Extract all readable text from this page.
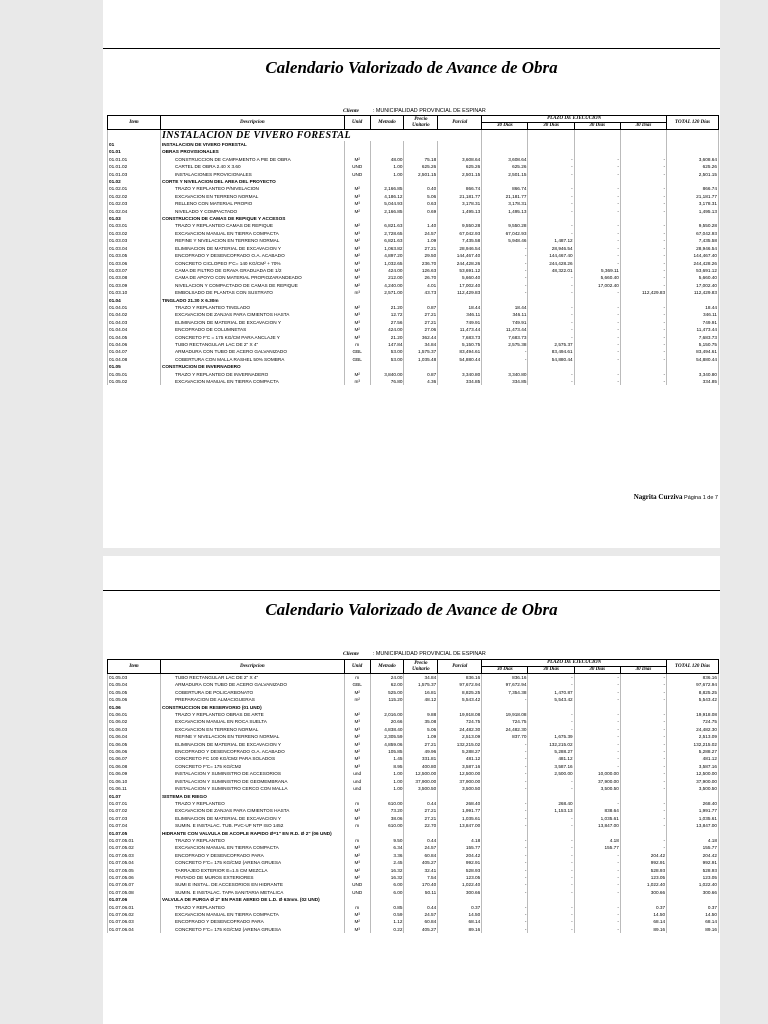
Calendario Valorizado de Avance de Obra
Cliente	: MUNICIPALIDAD PROVINCIAL DE ESPINAR
Item	Descripcion	Unid	Metrado	Precio Unitario	Parcial	PLAZO DE EJECUCION				TOTAL 120 Días
						30 Días	30 Días	30 Días	30 Días	
	INSTALACION DE VIVERO FORESTAL									
01	INSTALACION DE VIVERO FORESTAL									
01.01	OBRAS PROVISIONALES									
01.01.01	CONSTRUCCION DE CAMPAMENTO A PIE DE OBRA	M²	48.00	75.18	3,608.64	3,608.64	-	-	-	3,608.64
01.01.02	CARTEL DE OBRA 2.40 X 3.60	UND	1.00	625.26	625.26	625.26	-	-	-	625.26
01.01.03	INSTALACIONES PROVICIONALES	UND	1.00	2,501.15	2,501.15	2,501.15	-	-	-	2,501.15
01.02	CORTE Y NIVELACION DEL AREA DEL PROYECTO									
01.02.01	TRAZO Y REPLANTEO P/NIVELACION	M²	2,166.85	0.40	866.74	866.74	-	-	-	866.74
01.02.02	EXCAVACION EN TERRENO NORMAL	M³	4,186.12	5.06	21,181.77	21,181.77	-	-	-	21,181.77
01.02.03	RELLENO CON MATERIAL PROPIO	M³	5,044.93	0.63	3,178.31	3,178.31	-	-	-	3,178.31
01.02.04	NIVELADO Y COMPACTADO	M²	2,166.85	0.69	1,495.13	1,495.13	-	-	-	1,495.13
01.03	CONSTRUCCION DE CAMAS DE REPIQUE Y ACCESOS									
01.03.01	TRAZO Y REPLANTEO CAMAS DE REPIQUE	M²	6,821.63	1.40	9,550.28	9,550.28	-	-	-	9,550.28
01.03.02	EXCAVACION MANUAL EN TIERRA COMPACTA	M³	2,728.65	24.57	67,042.93	67,042.93	-	-	-	67,042.93
01.03.03	REFINE Y NIVELACION EN TERRENO NORMAL	M²	6,821.63	1.09	7,435.58	5,948.46	1,487.12	-	-	7,435.58
01.03.04	ELIMINACION DE MATERIAL DE EXCAVACION Y	M³	1,063.82	27.21	28,946.54	-	28,946.54	-	-	28,946.54
01.03.05	ENCOFRADO Y DESENCOFRADO O.A. ACABADO	M²	4,897.20	29.50	144,467.40	-	144,467.40	-	-	144,467.40
01.03.06	CONCRETO CICLOPEO F'C= 140 KG/CM² + 70%	M³	1,032.65	236.70	244,428.26	-	244,428.26	-	-	244,428.26
01.03.07	CAMA DE FILTRO DE GRAVA GRADUADA DE 1/2	M³	424.00	126.63	53,691.12	-	48,322.01	5,369.11	-	53,691.12
01.03.08	CAMA DE APOYO CON MATERIAL PROPIOZARANDEADO	M³	212.00	26.70	5,660.40	-	-	5,660.40	-	5,660.40
01.03.09	NIVELACION Y COMPACTADO DE CAMAS DE REPIQUE	M²	4,240.00	4.01	17,002.40	-	-	17,002.40	-	17,002.40
01.03.10	EMBOLSADO DE PLANTAS CON SUSTRATO	m³	2,571.00	43.73	112,429.83	-	-	-	112,429.83	112,429.83
01.04	TINGLADO 21.30 X 6.30m									
01.04.01	TRAZO Y REPLANTEO TINGLADO	M²	21.20	0.87	18.44	18.44	-	-	-	18.44
01.04.02	EXCAVACION DE ZANJAS PARA CIMIENTOS HASTA	M³	12.72	27.21	346.11	346.11	-	-	-	346.11
01.04.03	ELIMINACION DE MATERIAL DE EXCAVACION Y	M³	27.56	27.21	749.91	749.91	-	-	-	749.91
01.04.04	ENCOFRADO DE COLUMNETAS	M²	424.00	27.06	11,473.44	11,473.44	-	-	-	11,473.44
01.04.05	CONCRETO F'C = 175 KG/CM PARA ANCLAJE Y	M³	21.20	362.44	7,683.73	7,683.73	-	-	-	7,683.73
01.04.06	TUBO RECTANGULAR LAC DE 2" X 4"	m	147.84	34.84	5,150.75	2,575.38	2,575.37	-	-	5,150.75
01.04.07	ARMADURA CON TUBO DE ACERO GALVANIZADO	GBL	53.00	1,575.37	83,494.61	-	83,494.61	-	-	83,494.61
01.04.08	COBERTURA CON MALLA RASHEL 50% SOMBRA	GBL	53.00	1,035.48	54,880.44	-	54,880.44	-	-	54,880.44
01.05	CONSTRUCION DE INVERNADERO									
01.05.01	TRAZO Y REPLANTEO DE INVERNADERO	M²	3,840.00	0.87	3,340.80	3,340.80	-	-	-	3,340.80
01.05.02	EXCAVACION MANUAL EN TIERRA COMPACTA	m³	76.80	4.36	334.85	334.85	-	-	-	334.85
Nagrita Curziva Página 1 de 7
Calendario Valorizado de Avance de Obra
Cliente	: MUNICIPALIDAD PROVINCIAL DE ESPINAR
Item	Descripcion	Unid	Metrado	Precio Unitario	Parcial	PLAZO DE EJECUCION				TOTAL 120 Días
						30 Días	30 Días	30 Días	30 Días	
01.05.03	TUBO RECTANGULAR LAC DE 2" X 4"	m	24.00	34.84	836.16	836.16	-	-	-	836.16
01.05.04	ARMADURA CON TUBO DE ACERO GALVANIZADO	GBL	62.00	1,575.37	97,672.94	97,672.94	-	-	-	97,672.94
01.05.05	COBERTURA DE POLICARBONATO	M²	525.00	16.81	8,825.25	7,354.38	1,470.87	-	-	8,825.25
01.05.06	PREPARACION DE ALMACIGUERAS	m²	115.20	48.12	5,543.42	-	5,543.42	-	-	5,543.42
01.06	CONSTRUCCION DE RESERVORIO (01 UND)									
01.06.01	TRAZO Y REPLANTEO OBRAS DE ARTE	M²	2,016.00	9.88	19,918.08	19,918.08	-	-	-	19,918.08
01.06.02	EXCAVACION MANUAL EN ROCA SUELTA	M³	20.66	35.08	724.75	724.75	-	-	-	724.75
01.06.03	EXCAVACION EN TERRENO NORMAL	M³	4,838.40	5.06	24,482.30	24,482.30	-	-	-	24,482.30
01.06.04	REFINE Y NIVELACION EN TERRENO NORMAL	M²	2,305.59	1.09	2,513.09	837.70	1,675.39	-	-	2,513.09
01.06.05	ELIMINACION DE MATERIAL DE EXCAVACION Y	M³	4,859.06	27.21	132,215.02	-	132,215.02	-	-	132,215.02
01.06.06	ENCOFRADO Y DESENCOFRADO O.A. ACABADO	M²	105.85	49.96	5,288.27	-	5,288.27	-	-	5,288.27
01.06.07	CONCRETO FC 100 KG/CM2 PARA SOLADOS	M³	1.45	331.81	481.12	-	481.12	-	-	481.12
01.06.08	CONCRETO F'C= 175 KG/CM2	M³	8.95	400.80	3,587.16	-	3,587.16	-	-	3,587.16
01.06.09	INSTALACION Y SUMINISTRO DE ACCESORIOS	und	1.00	12,500.00	12,500.00	-	2,500.00	10,000.00	-	12,500.00
01.06.10	INSTALACION Y SUMINISTRO DE GEOMEMBRANA	und	1.00	37,900.00	37,900.00	-	-	37,900.00	-	37,900.00
01.06.11	INSTALACION Y SUMINISTRO CERCO CON MALLA	und	1.00	3,500.50	3,500.50	-	-	3,500.50	-	3,500.50
01.07	SISTEMA DE RIEGO									
01.07.01	TRAZO Y REPLANTEO	m	610.00	0.44	268.40	-	268.40	-	-	268.40
01.07.02	EXCAVACION DE ZANJAS PARA CIMIENTOS HASTA	M³	73.20	27.21	1,991.77	-	1,153.13	838.64	-	1,991.77
01.07.03	ELIMINACION DE MATERIAL DE EXCAVACION Y	M³	38.06	27.21	1,035.61	-	-	1,035.61	-	1,035.61
01.07.04	SUMIN. E INSTALAC. TUB. PVC-UF NTP ISO 1452	m	610.00	22.70	13,847.00	-	-	13,847.00	-	13,847.00
01.07.05	HIDRANTE CON VALVULA DE ACOPLE RAPIDO Ø=1" EN R.D. Ø 2" (06 UND)									
01.07.05.01	TRAZO Y REPLANTEO	m	9.50	0.44	4.18	-	-	4.18	-	4.18
01.07.05.02	EXCAVACION MANUAL EN TIERRA COMPACTA	M³	6.34	24.57	155.77	-	-	155.77	-	155.77
01.07.05.03	ENCOFRADO Y DESENCOFRADO PARA	M²	3.36	60.84	204.42	-	-	-	204.42	204.42
01.07.05.04	CONCRETO F'C= 175 KG/CM2 (ARENA GRUESA	M³	2.45	405.27	992.91	-	-	-	992.91	992.91
01.07.05.05	TARRAJEO EXTERIOR E=1.5 CM MEZCLA	M²	16.32	32.41	528.93	-	-	-	528.93	528.93
01.07.05.06	PINTADO DE MUROS EXTERIORES	M²	16.32	7.54	123.05	-	-	-	123.05	123.05
01.07.05.07	SUMI E INSTAL. DE ACCESORIOS EN HIDRANTE	UND	6.00	170.40	1,022.40	-	-	-	1,022.40	1,022.40
01.07.05.08	SUMIN. E INSTALAC. TAPA SANITARIA METALICA	UND	6.00	50.11	300.66	-	-	-	300.66	300.66
01.07.06	VALVULA DE PURGA Ø 2" EN PASE AEREO DE L.D. Ø 63mm. (02 UND)									
01.07.06.01	TRAZO Y REPLANTEO	m	0.85	0.44	0.37	-	-	-	0.37	0.37
01.07.06.02	EXCAVACION MANUAL EN TIERRA COMPACTA	M³	0.59	24.57	14.50	-	-	-	14.50	14.50
01.07.06.03	ENCOFRADO Y DESENCOFRADO PARA	M²	1.12	60.84	68.14	-	-	-	68.14	68.14
01.07.06.04	CONCRETO F'C= 175 KG/CM2 (ARENA GRUESA	M³	0.22	405.27	89.16	-	-	-	89.16	89.16
